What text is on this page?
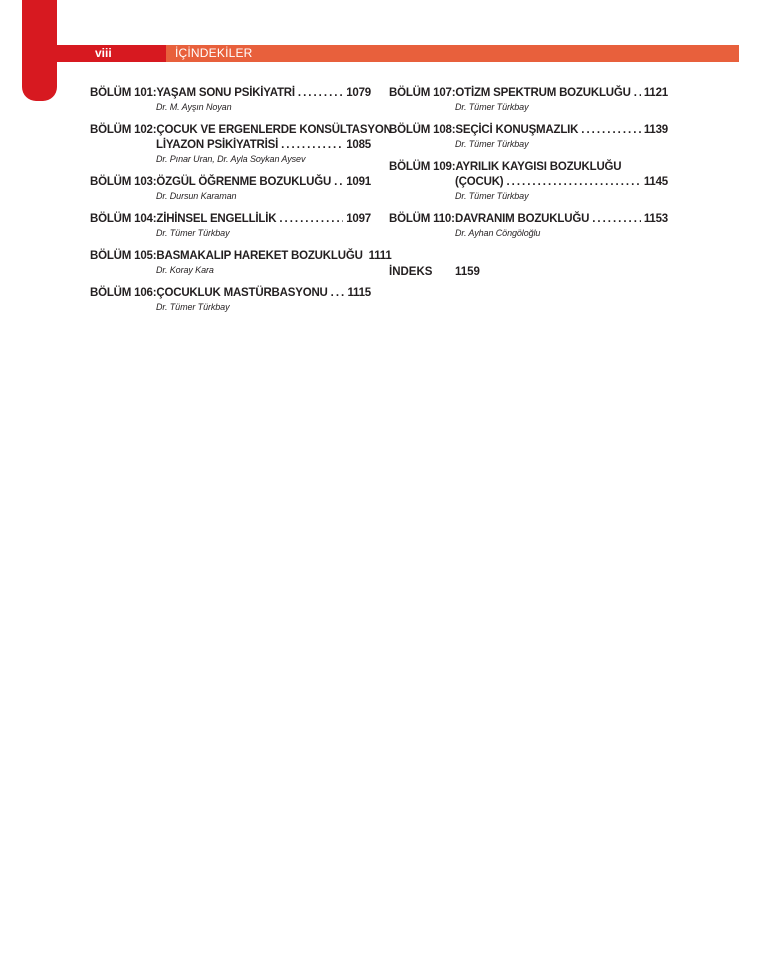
viii	İÇİNDEKİLER
BÖLÜM 101: YAŞAM SONU PSİKİYATRİ .....	1079
Dr. M. Ayşın Noyan
BÖLÜM 102: ÇOCUK VE ERGENLERDE KONSÜLTASYON
LİYAZON PSİKİYATRİSİ .....	1085
Dr. Pınar Uran, Dr. Ayla Soykan Aysev
BÖLÜM 103: ÖZGÜL ÖĞRENME BOZUKLUĞU ..... 1091
Dr. Dursun Karaman
BÖLÜM 104: ZİHİNSEL ENGELLİLİK .....	1097
Dr. Tümer Türkbay
BÖLÜM 105: BASMAKALIP HAREKET BOZUKLUĞU 1111
Dr. Koray Kara
BÖLÜM 106: ÇOCUKLUK MASTÜRBASYONU ..... 1115
Dr. Tümer Türkbay
BÖLÜM 107: OTİZM SPEKTRUM BOZUKLUĞU ..... 1121
Dr. Tümer Türkbay
BÖLÜM 108: SEÇİCİ KONUŞMAZLIK .....	1139
Dr. Tümer Türkbay
BÖLÜM 109: AYRILIK KAYGISI BOZUKLUĞU
(ÇOCUK) .....	1145
Dr. Tümer Türkbay
BÖLÜM 110: DAVRANIM BOZUKLUĞU .....	1153
Dr. Ayhan Cöngöloğlu
İNDEKS	1159
